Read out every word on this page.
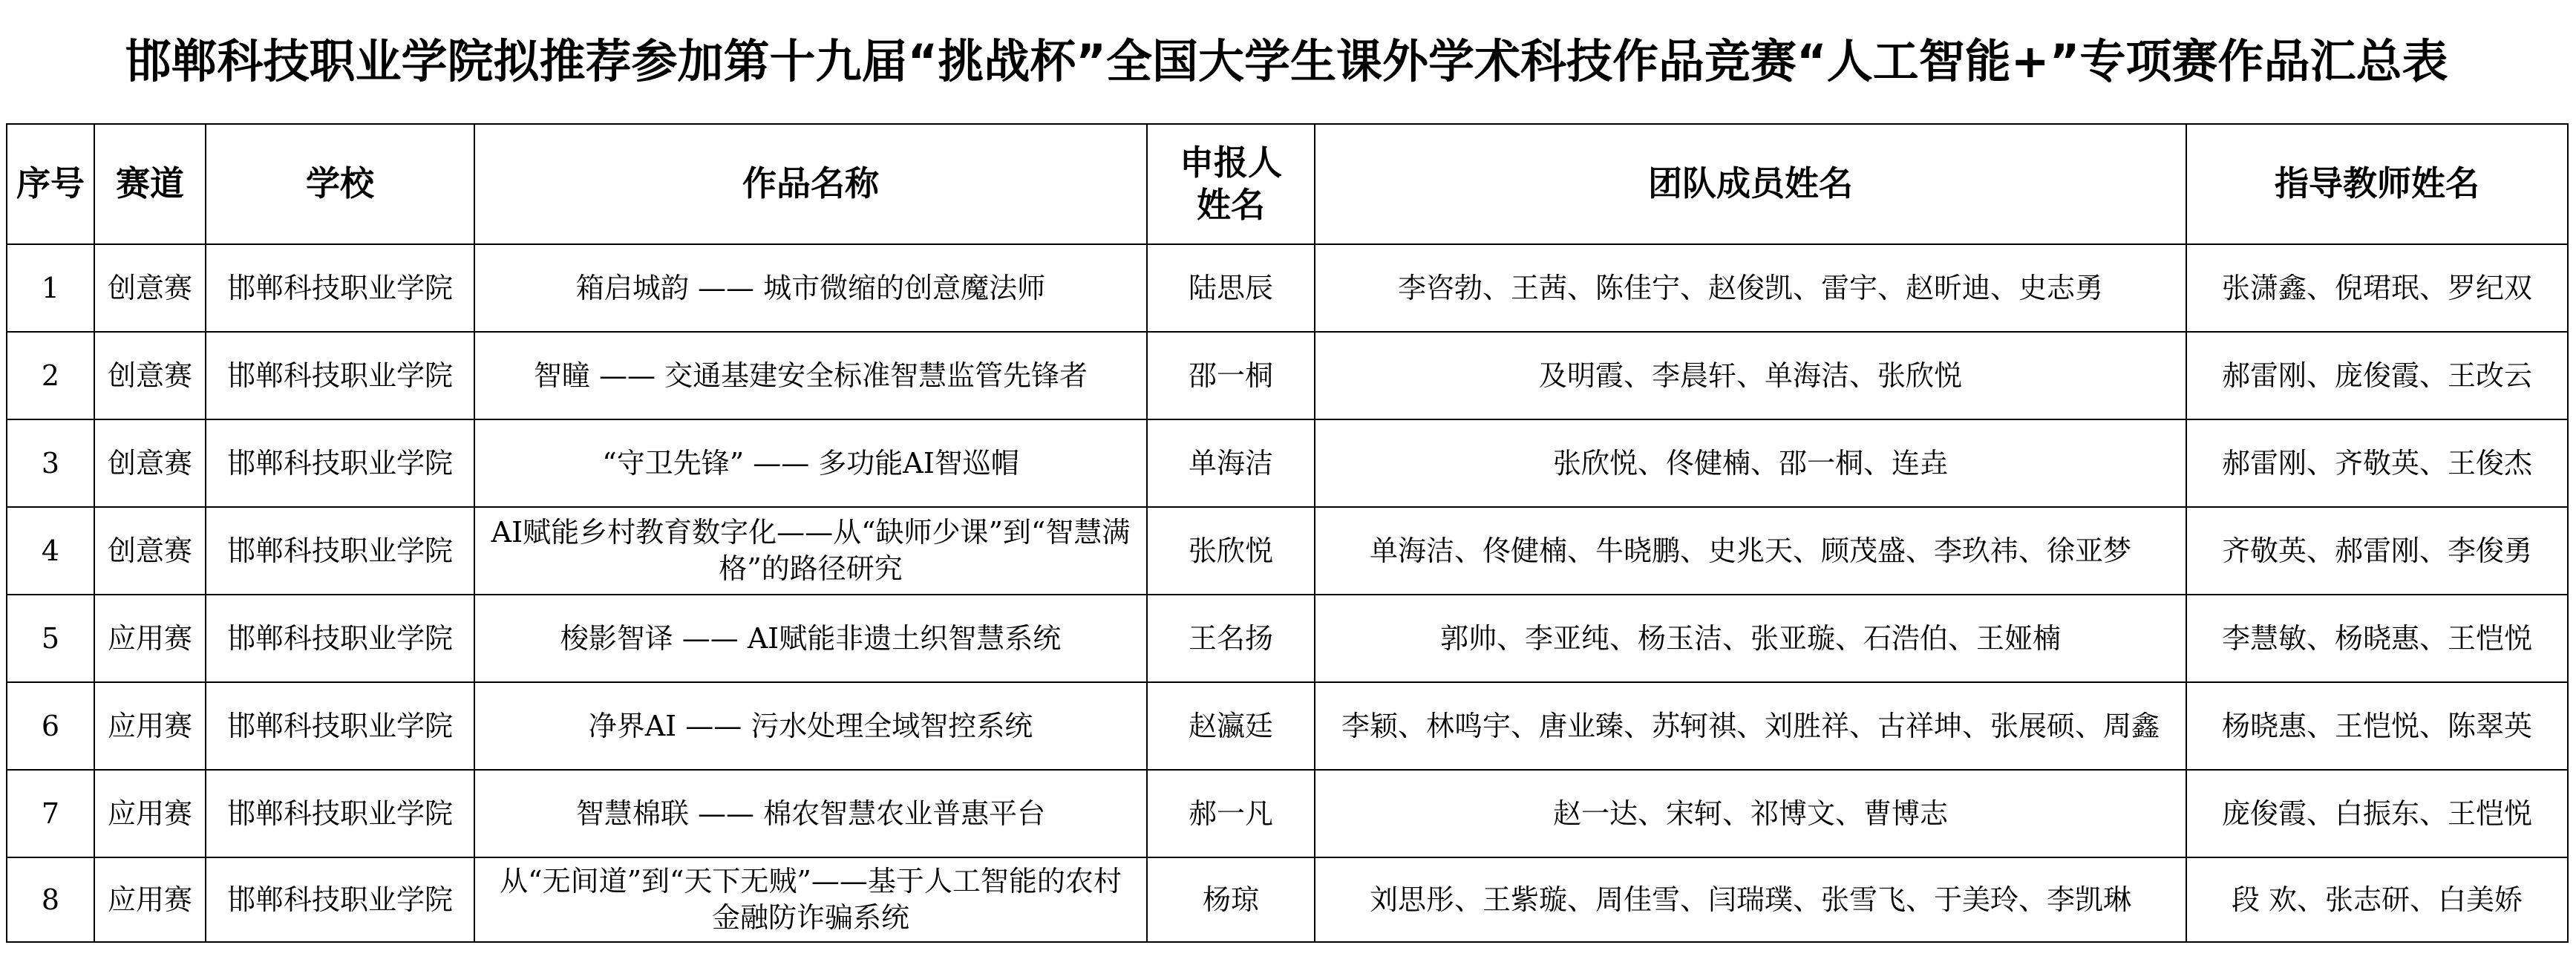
邯郸科技职业学院拟推荐参加第十九届“挑战杯”全国大学生课外学术科技作品竞赛“人工智能+”专项赛作品汇总表
序号	赛道	学校	作品名称	申报人姓名	团队成员姓名	指导教师姓名
1	创意赛	邯郸科技职业学院	箱启城韵 —— 城市微缩的创意魔法师	陆思辰	李咨勃、王茜、陈佳宁、赵俊凯、雷宇、赵昕迪、史志勇	张潇鑫、倪珺珉、罗纪双
2	创意赛	邯郸科技职业学院	智瞳 —— 交通基建安全标准智慧监管先锋者	邵一桐	及明霞、李晨轩、单海洁、张欣悦	郝雷刚、庞俊霞、王改云
3	创意赛	邯郸科技职业学院	“守卫先锋” —— 多功能AI智巡帽	单海洁	张欣悦、佟健楠、邵一桐、连垚	郝雷刚、齐敬英、王俊杰
4	创意赛	邯郸科技职业学院	AI赋能乡村教育数字化——从“缺师少课”到“智慧满格”的路径研究	张欣悦	单海洁、佟健楠、牛晓鹏、史兆天、顾茂盛、李玖祎、徐亚梦	齐敬英、郝雷刚、李俊勇
5	应用赛	邯郸科技职业学院	梭影智译 —— AI赋能非遗土织智慧系统	王名扬	郭帅、李亚纯、杨玉洁、张亚璇、石浩伯、王娅楠	李慧敏、杨晓惠、王恺悦
6	应用赛	邯郸科技职业学院	净界AI —— 污水处理全域智控系统	赵瀛廷	李颖、林鸣宇、唐业臻、苏轲祺、刘胜祥、古祥坤、张展硕、周鑫	杨晓惠、王恺悦、陈翠英
7	应用赛	邯郸科技职业学院	智慧棉联 —— 棉农智慧农业普惠平台	郝一凡	赵一达、宋轲、祁博文、曹博志	庞俊霞、白振东、王恺悦
8	应用赛	邯郸科技职业学院	从“无间道”到“天下无贼”——基于人工智能的农村金融防诈骗系统	杨琼	刘思彤、王紫璇、周佳雪、闫瑞璞、张雪飞、于美玲、李凯琳	段 欢、张志研、白美娇
